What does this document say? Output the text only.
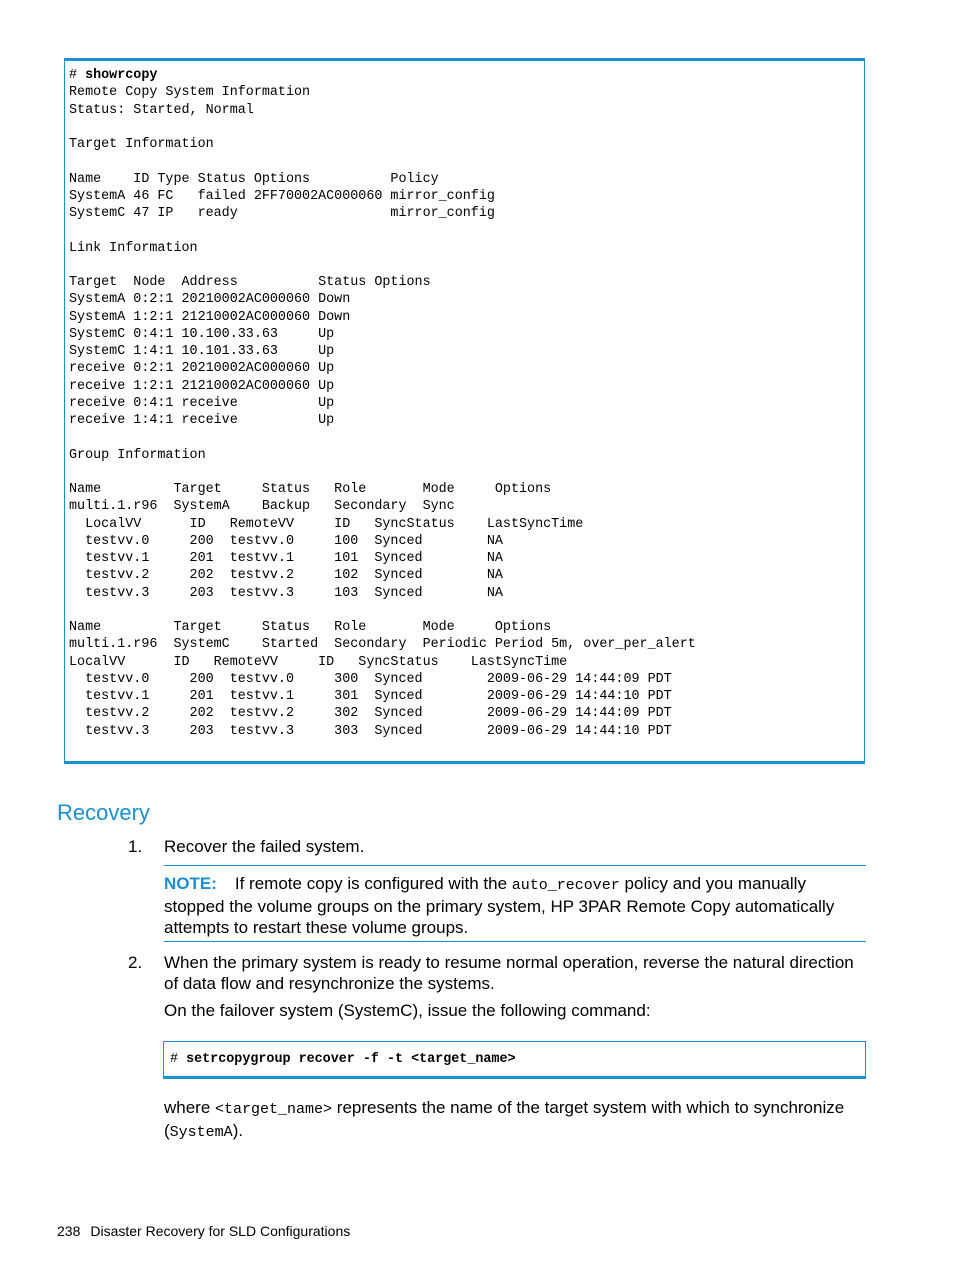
# showrcopy
Remote Copy System Information
Status: Started, Normal

Target Information

Name    ID Type Status Options          Policy
SystemA 46 FC   failed 2FF70002AC000060 mirror_config
SystemC 47 IP   ready                   mirror_config

Link Information

Target  Node  Address          Status Options
SystemA 0:2:1 20210002AC000060 Down
SystemA 1:2:1 21210002AC000060 Down
SystemC 0:4:1 10.100.33.63     Up
SystemC 1:4:1 10.101.33.63     Up
receive 0:2:1 20210002AC000060 Up
receive 1:2:1 21210002AC000060 Up
receive 0:4:1 receive          Up
receive 1:4:1 receive          Up

Group Information

Name         Target     Status   Role       Mode     Options
multi.1.r96  SystemA    Backup   Secondary  Sync
LocalVV      ID   RemoteVV     ID   SyncStatus    LastSyncTime
testvv.0     200  testvv.0     100  Synced        NA
testvv.1     201  testvv.1     101  Synced        NA
testvv.2     202  testvv.2     102  Synced        NA
testvv.3     203  testvv.3     103  Synced        NA

Name         Target     Status   Role       Mode     Options
multi.1.r96  SystemC    Started  Secondary  Periodic Period 5m, over_per_alert
LocalVV      ID   RemoteVV     ID   SyncStatus    LastSyncTime
testvv.0     200  testvv.0     300  Synced        2009-06-29 14:44:09 PDT
testvv.1     201  testvv.1     301  Synced        2009-06-29 14:44:10 PDT
testvv.2     202  testvv.2     302  Synced        2009-06-29 14:44:09 PDT
testvv.3     203  testvv.3     303  Synced        2009-06-29 14:44:10 PDT
Recovery
1. Recover the failed system.
NOTE: If remote copy is configured with the auto_recover policy and you manually stopped the volume groups on the primary system, HP 3PAR Remote Copy automatically attempts to restart these volume groups.
2. When the primary system is ready to resume normal operation, reverse the natural direction of data flow and resynchronize the systems.
On the failover system (SystemC), issue the following command:
# setrcopygroup recover -f -t <target_name>
where <target_name> represents the name of the target system with which to synchronize (SystemA).
238 Disaster Recovery for SLD Configurations
